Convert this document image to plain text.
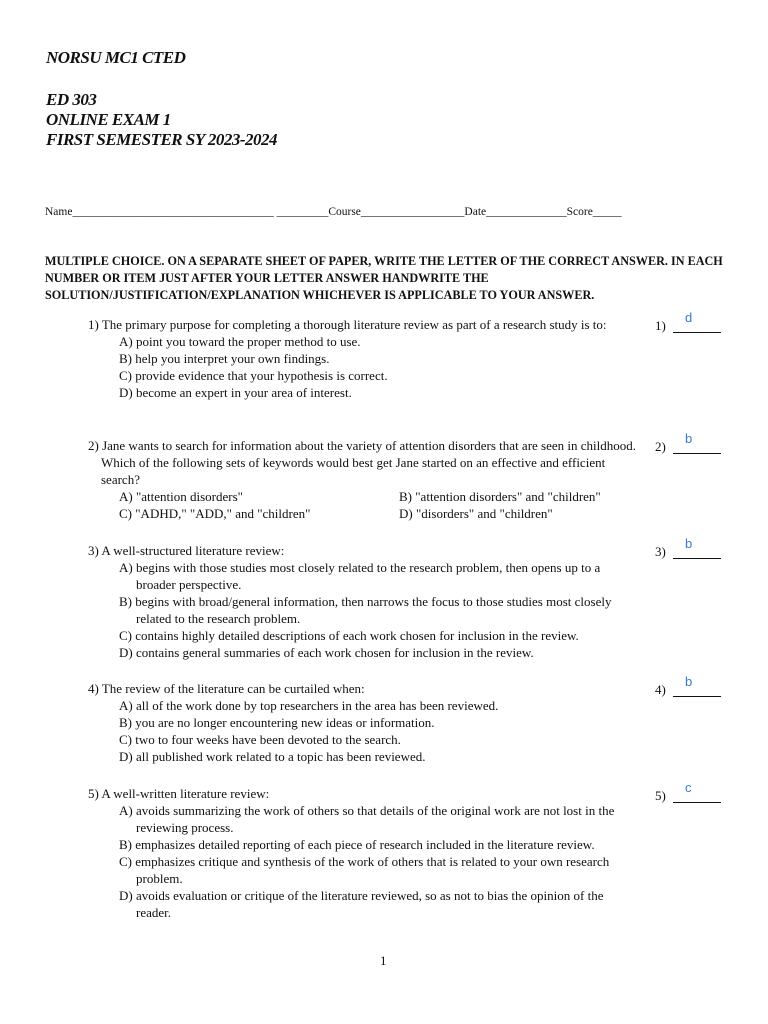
NORSU MC1 CTED
ED 303
ONLINE EXAM 1
FIRST SEMESTER SY 2023-2024
Name___________________________________ _________Course__________________Date______________Score_____
MULTIPLE CHOICE. ON A SEPARATE SHEET OF PAPER, WRITE THE LETTER OF THE CORRECT ANSWER. IN EACH NUMBER OR ITEM JUST AFTER YOUR LETTER ANSWER HANDWRITE THE SOLUTION/JUSTIFICATION/EXPLANATION WHICHEVER IS APPLICABLE TO YOUR ANSWER.
1) The primary purpose for completing a thorough literature review as part of a research study is to:
A) point you toward the proper method to use.
B) help you interpret your own findings.
C) provide evidence that your hypothesis is correct.
D) become an expert in your area of interest.
1)
d
2) Jane wants to search for information about the variety of attention disorders that are seen in childhood. Which of the following sets of keywords would best get Jane started on an effective and efficient search?
A) "attention disorders"	B) "attention disorders" and "children"
C) "ADHD," "ADD," and "children"	D) "disorders" and "children"
2)
b
3) A well-structured literature review:
A) begins with those studies most closely related to the research problem, then opens up to a broader perspective.
B) begins with broad/general information, then narrows the focus to those studies most closely related to the research problem.
C) contains highly detailed descriptions of each work chosen for inclusion in the review.
D) contains general summaries of each work chosen for inclusion in the review.
3)
b
4) The review of the literature can be curtailed when:
A) all of the work done by top researchers in the area has been reviewed.
B) you are no longer encountering new ideas or information.
C) two to four weeks have been devoted to the search.
D) all published work related to a topic has been reviewed.
4)
b
5) A well-written literature review:
A) avoids summarizing the work of others so that details of the original work are not lost in the reviewing process.
B) emphasizes detailed reporting of each piece of research included in the literature review.
C) emphasizes critique and synthesis of the work of others that is related to your own research problem.
D) avoids evaluation or critique of the literature reviewed, so as not to bias the opinion of the reader.
5)
c
1
